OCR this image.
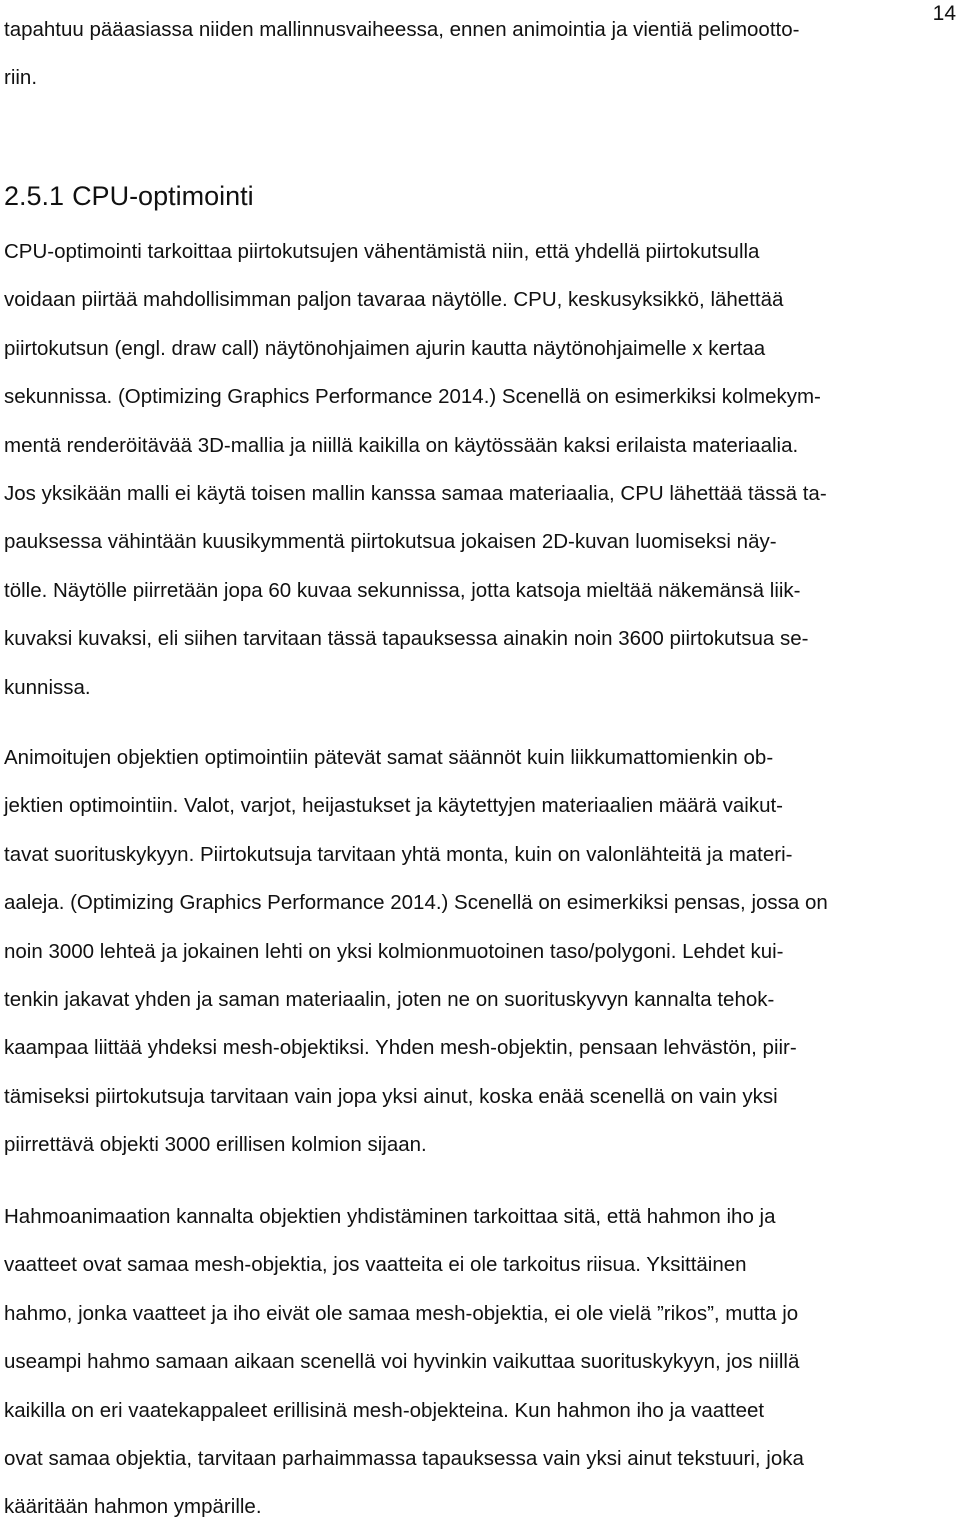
14
tapahtuu pääasiassa niiden mallinnusvaiheessa, ennen animointia ja vientiä pelimootto-
riin.
2.5.1 CPU-optimointi
CPU-optimointi tarkoittaa piirtokutsujen vähentämistä niin, että yhdellä piirtokutsulla
voidaan piirtää mahdollisimman paljon tavaraa näytölle. CPU, keskusyksikkö, lähettää
piirtokutsun (engl. draw call) näytönohjaimen ajurin kautta näytönohjaimelle x kertaa
sekunnissa. (Optimizing Graphics Performance 2014.) Scenellä on esimerkiksi kolmekym-
mentä renderöitävää 3D-mallia ja niillä kaikilla on käytössään kaksi erilaista materiaalia.
Jos yksikään malli ei käytä toisen mallin kanssa samaa materiaalia, CPU lähettää tässä ta-
pauksessa vähintään kuusikymmentä piirtokutsua jokaisen 2D-kuvan luomiseksi näy-
tölle. Näytölle piirretään jopa 60 kuvaa sekunnissa, jotta katsoja mieltää näkemänsä liik-
kuvaksi kuvaksi, eli siihen tarvitaan tässä tapauksessa ainakin noin 3600 piirtokutsua se-
kunnissa.
Animoitujen objektien optimointiin pätevät samat säännöt kuin liikkumattomienkin ob-
jektien optimointiin. Valot, varjot, heijastukset ja käytettyjen materiaalien määrä vaikut-
tavat suorituskykyyn. Piirtokutsuja tarvitaan yhtä monta, kuin on valonlähteitä ja materi-
aaleja. (Optimizing Graphics Performance 2014.) Scenellä on esimerkiksi pensas, jossa on
noin 3000 lehteä ja jokainen lehti on yksi kolmionmuotoinen taso/polygoni. Lehdet kui-
tenkin jakavat yhden ja saman materiaalin, joten ne on suorituskyvyn kannalta tehok-
kaampaa liittää yhdeksi mesh-objektiksi. Yhden mesh-objektin, pensaan lehvästön, piir-
tämiseksi piirtokutsuja tarvitaan vain jopa yksi ainut, koska enää scenellä on vain yksi
piirrettävä objekti 3000 erillisen kolmion sijaan.
Hahmoanimaation kannalta objektien yhdistäminen tarkoittaa sitä, että hahmon iho ja
vaatteet ovat samaa mesh-objektia, jos vaatteita ei ole tarkoitus riisua. Yksittäinen
hahmo, jonka vaatteet ja iho eivät ole samaa mesh-objektia, ei ole vielä ”rikos”, mutta jo
useampi hahmo samaan aikaan scenellä voi hyvinkin vaikuttaa suorituskykyyn, jos niillä
kaikilla on eri vaatekappaleet erillisinä mesh-objekteina. Kun hahmon iho ja vaatteet
ovat samaa objektia, tarvitaan parhaimmassa tapauksessa vain yksi ainut tekstuuri, joka
kääritään hahmon ympärille.
